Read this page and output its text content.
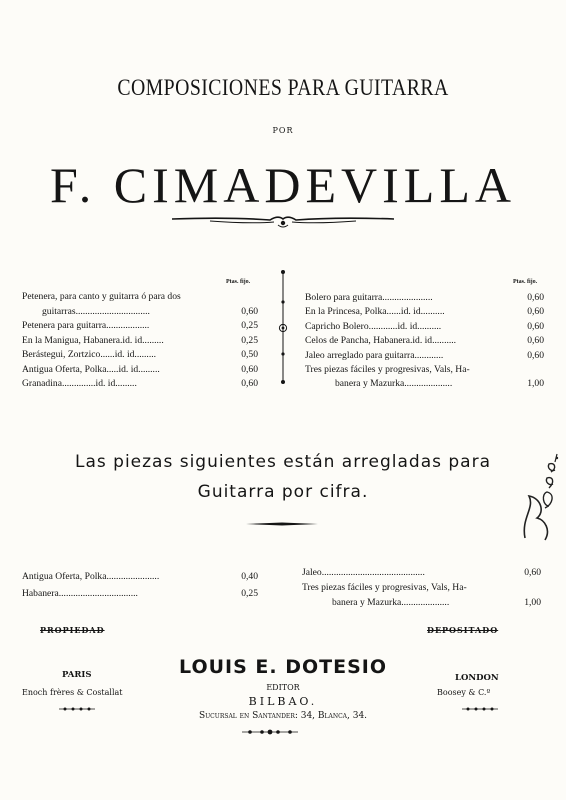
COMPOSICIONES PARA GUITARRA
POR
F. CIMADEVILLA
Ptas. fijo.
Petenera, para canto y guitarra ó para dos
guitarras...............................	0,60
Petenera para guitarra..................	0,25
En la Manigua, Habanera.id. id.........	0,25
Berástegui, Zortzico......id. id.........	0,50
Antigua Oferta, Polka.....id. id.........	0,60
Granadina..............id. id.........	0,60
Ptas. fijo.
Bolero para guitarra.....................	0,60
En la Princesa, Polka......id. id..........	0,60
Capricho Bolero............id. id..........	0,60
Celos de Pancha, Habanera.id. id..........	0,60
Jaleo arreglado para guitarra............	0,60
Tres piezas fáciles y progresivas, Vals, Ha-
banera y Mazurka....................	1,00
Las piezas siguientes están arregladas para
Guitarra por cifra.
Antigua Oferta, Polka......................	0,40
Habanera.................................	0,25
Jaleo...........................................	0,60
Tres piezas fáciles y progresivas, Vals, Ha-
banera y Mazurka....................	1,00
PROPIEDAD	DEPOSITADO
LOUIS E. DOTESIO
EDITOR
BILBAO.
Sucursal en Santander: 34, Blanca, 34.
PARIS
Enoch frères & Costallat
LONDON
Boosey & C.º
